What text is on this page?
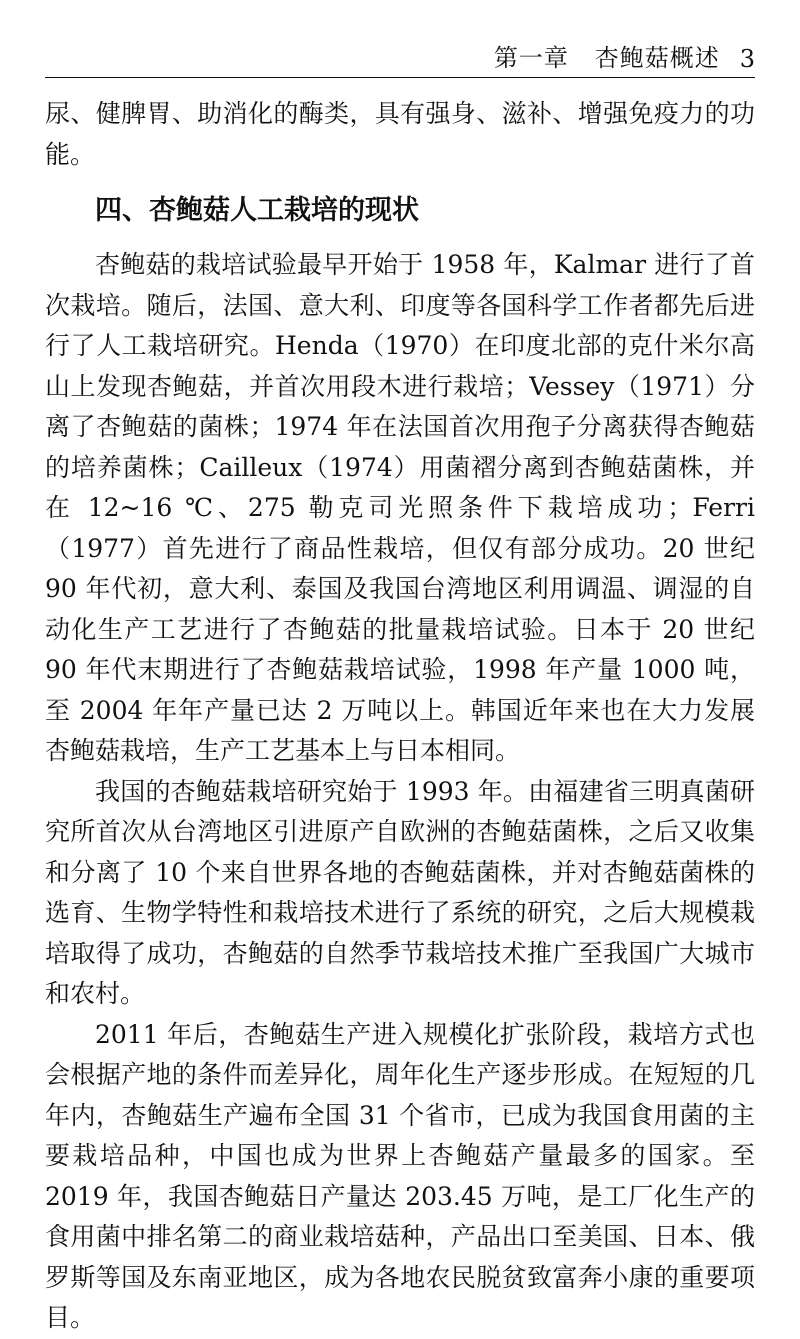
第一章   杏鲍菇概述 3

尿、健脾胃、助消化的酶类，具有强身、滋补、增强免疫力的功能。

四、杏鲍菇人工栽培的现状

杏鲍菇的栽培试验最早开始于 1958 年，Kalmar 进行了首次栽培。随后，法国、意大利、印度等各国科学工作者都先后进行了人工栽培研究。Henda（1970）在印度北部的克什米尔高山上发现杏鲍菇，并首次用段木进行栽培；Vessey（1971）分离了杏鲍菇的菌株；1974 年在法国首次用孢子分离获得杏鲍菇的培养菌株；Cailleux（1974）用菌褶分离到杏鲍菇菌株，并在 12~16 ℃、275 勒克司光照条件下栽培成功；Ferri（1977）首先进行了商品性栽培，但仅有部分成功。20 世纪 90 年代初，意大利、泰国及我国台湾地区利用调温、调湿的自动化生产工艺进行了杏鲍菇的批量栽培试验。日本于 20 世纪 90 年代末期进行了杏鲍菇栽培试验，1998 年产量 1000 吨，至 2004 年年产量已达 2 万吨以上。韩国近年来也在大力发展杏鲍菇栽培，生产工艺基本上与日本相同。

我国的杏鲍菇栽培研究始于 1993 年。由福建省三明真菌研究所首次从台湾地区引进原产自欧洲的杏鲍菇菌株，之后又收集和分离了 10 个来自世界各地的杏鲍菇菌株，并对杏鲍菇菌株的选育、生物学特性和栽培技术进行了系统的研究，之后大规模栽培取得了成功，杏鲍菇的自然季节栽培技术推广至我国广大城市和农村。

2011 年后，杏鲍菇生产进入规模化扩张阶段，栽培方式也会根据产地的条件而差异化，周年化生产逐步形成。在短短的几年内，杏鲍菇生产遍布全国 31 个省市，已成为我国食用菌的主要栽培品种，中国也成为世界上杏鲍菇产量最多的国家。至 2019 年，我国杏鲍菇日产量达 203.45 万吨，是工厂化生产的食用菌中排名第二的商业栽培菇种，产品出口至美国、日本、俄罗斯等国及东南亚地区，成为各地农民脱贫致富奔小康的重要项目。
